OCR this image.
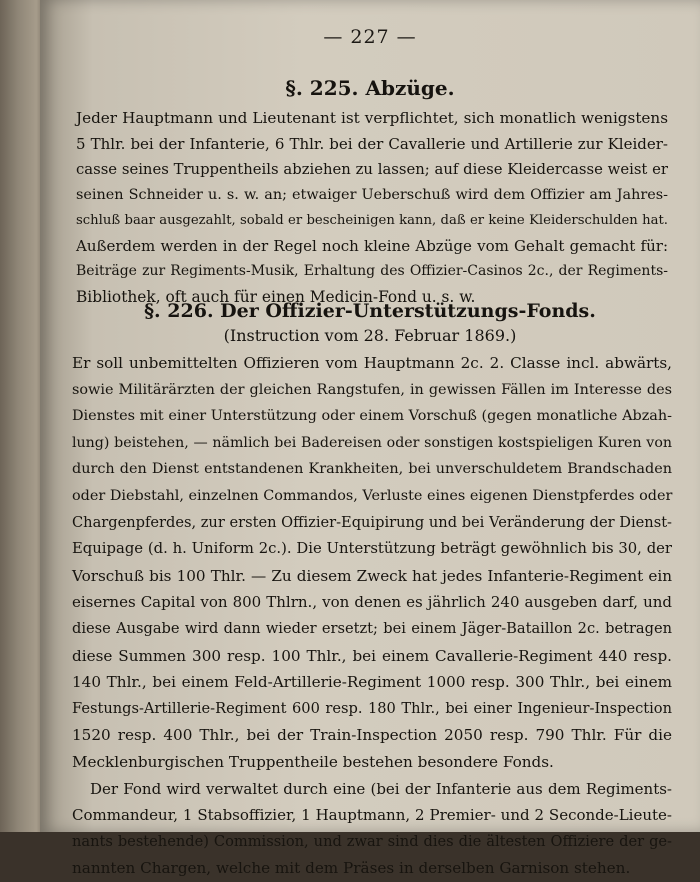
— 227 —
§. 225. Abzüge.
Jeder Hauptmann und Lieutenant ist verpflichtet, sich monatlich wenigstens
5 Thlr. bei der Infanterie, 6 Thlr. bei der Cavallerie und Artillerie zur Kleider-
casse seines Truppentheils abziehen zu lassen; auf diese Kleidercasse weist er
seinen Schneider u. s. w. an; etwaiger Ueberschuß wird dem Offizier am Jahres-
schluß baar ausgezahlt, sobald er bescheinigen kann, daß er keine Kleiderschulden hat.
Außerdem werden in der Regel noch kleine Abzüge vom Gehalt gemacht für:
Beiträge zur Regiments-Musik, Erhaltung des Offizier-Casinos 2c., der Regiments-
Bibliothek, oft auch für einen Medicin-Fond u. s. w.
§. 226. Der Offizier-Unterstützungs-Fonds.
(Instruction vom 28. Februar 1869.)
Er soll unbemittelten Offizieren vom Hauptmann 2c. 2. Classe incl. abwärts,
sowie Militärärzten der gleichen Rangstufen, in gewissen Fällen im Interesse des
Dienstes mit einer Unterstützung oder einem Vorschuß (gegen monatliche Abzah-
lung) beistehen, — nämlich bei Badereisen oder sonstigen kostspieligen Kuren von
durch den Dienst entstandenen Krankheiten, bei unverschuldetem Brandschaden
oder Diebstahl, einzelnen Commandos, Verluste eines eigenen Dienstpferdes oder
Chargenpferdes, zur ersten Offizier-Equipirung und bei Veränderung der Dienst-
Equipage (d. h. Uniform 2c.). Die Unterstützung beträgt gewöhnlich bis 30, der
Vorschuß bis 100 Thlr. — Zu diesem Zweck hat jedes Infanterie-Regiment ein
eisernes Capital von 800 Thlrn., von denen es jährlich 240 ausgeben darf, und
diese Ausgabe wird dann wieder ersetzt; bei einem Jäger-Bataillon 2c. betragen
diese Summen 300 resp. 100 Thlr., bei einem Cavallerie-Regiment 440 resp.
140 Thlr., bei einem Feld-Artillerie-Regiment 1000 resp. 300 Thlr., bei einem
Festungs-Artillerie-Regiment 600 resp. 180 Thlr., bei einer Ingenieur-Inspection
1520 resp. 400 Thlr., bei der Train-Inspection 2050 resp. 790 Thlr. Für die
Mecklenburgischen Truppentheile bestehen besondere Fonds.
Der Fond wird verwaltet durch eine (bei der Infanterie aus dem Regiments-
Commandeur, 1 Stabsoffizier, 1 Hauptmann, 2 Premier- und 2 Seconde-Lieute-
nants bestehende) Commission, und zwar sind dies die ältesten Offiziere der ge-
nannten Chargen, welche mit dem Präses in derselben Garnison stehen.
